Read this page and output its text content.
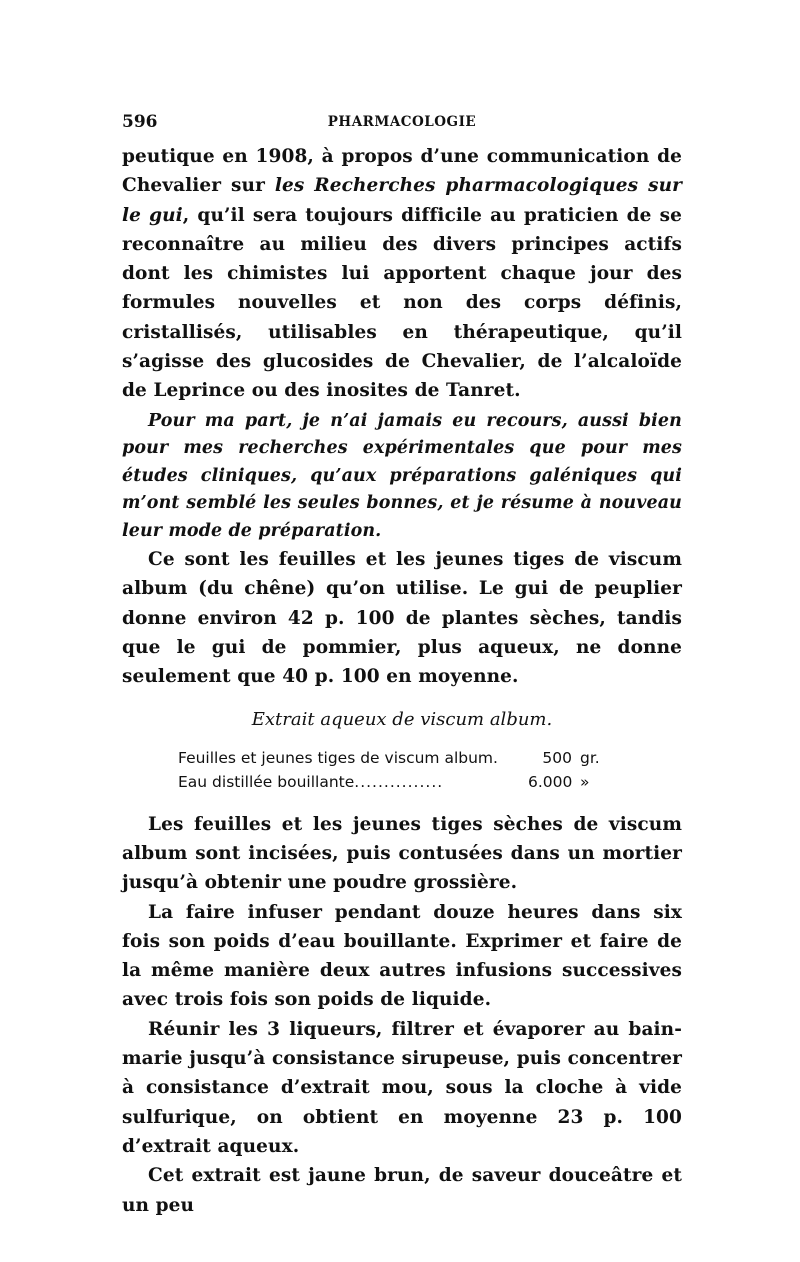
596	PHARMACOLOGIE

peutique en 1908, à propos d’une communication de Chevalier sur les Recherches pharmacologiques sur le gui, qu’il sera toujours difficile au praticien de se reconnaître au milieu des divers principes actifs dont les chimistes lui apportent chaque jour des formules nouvelles et non des corps définis, cristallisés, utilisables en thérapeutique, qu’il s’agisse des glucosides de Chevalier, de l’alcaloïde de Leprince ou des inosites de Tanret.

Pour ma part, je n’ai jamais eu recours, aussi bien pour mes recherches expérimentales que pour mes études cliniques, qu’aux préparations galéniques qui m’ont semblé les seules bonnes, et je résume à nouveau leur mode de préparation.

Ce sont les feuilles et les jeunes tiges de viscum album (du chêne) qu’on utilise. Le gui de peuplier donne environ 42 p. 100 de plantes sèches, tandis que le gui de pommier, plus aqueux, ne donne seulement que 40 p. 100 en moyenne.

Extrait aqueux de viscum album.
Feuilles et jeunes tiges de viscum album.	500 gr.
Eau distillée bouillante ...............	6.000 »

Les feuilles et les jeunes tiges sèches de viscum album sont incisées, puis contusées dans un mortier jusqu’à obtenir une poudre grossière.

La faire infuser pendant douze heures dans six fois son poids d’eau bouillante. Exprimer et faire de la même manière deux autres infusions successives avec trois fois son poids de liquide.

Réunir les 3 liqueurs, filtrer et évaporer au bain-marie jusqu’à consistance sirupeuse, puis concentrer à consistance d’extrait mou, sous la cloche à vide sulfurique, on obtient en moyenne 23 p. 100 d’extrait aqueux.

Cet extrait est jaune brun, de saveur douceâtre et un peu
